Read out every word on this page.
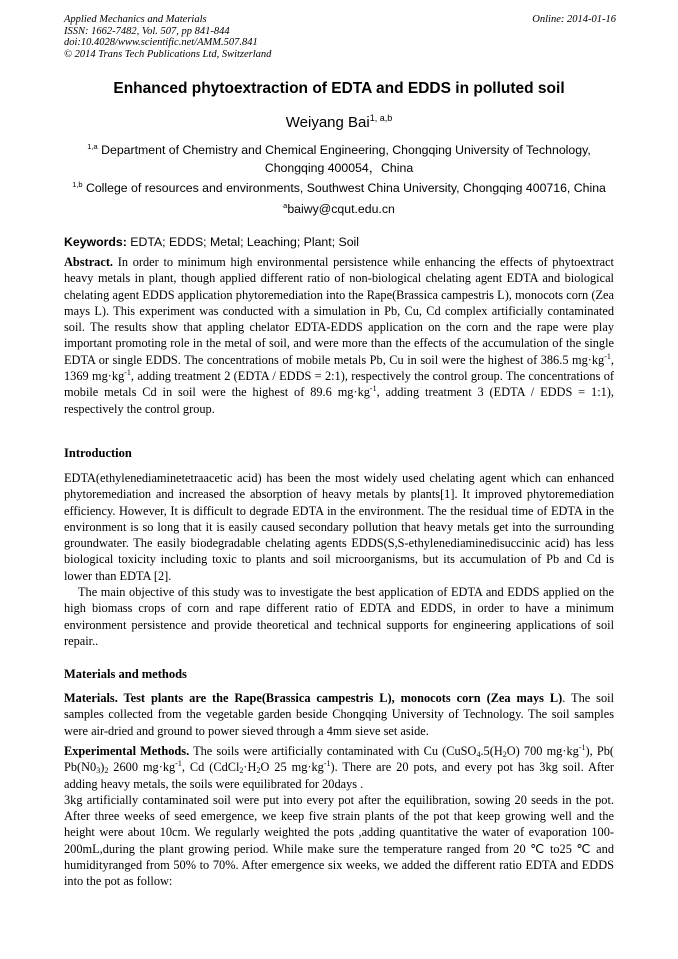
Applied Mechanics and Materials
ISSN: 1662-7482, Vol. 507, pp 841-844
doi:10.4028/www.scientific.net/AMM.507.841
© 2014 Trans Tech Publications Ltd, Switzerland
Online: 2014-01-16
Enhanced phytoextraction of EDTA and EDDS in polluted soil
Weiyang Bai$^{1, a,b}$
$^{1,a}$ Department of Chemistry and Chemical Engineering, Chongqing University of Technology, Chongqing 400054，China
$^{1,b}$ College of resources and environments, Southwest China University, Chongqing 400716, China
$^a$baiwy@cqut.edu.cn
Keywords: EDTA; EDDS; Metal; Leaching; Plant; Soil

Abstract. In order to minimum high environmental persistence while enhancing the effects of phytoextract heavy metals in plant, though applied different ratio of non-biological chelating agent EDTA and biological chelating agent EDDS application phytoremediation into the Rape(Brassica campestris L), monocots corn (Zea mays L). This experiment was conducted with a simulation in Pb, Cu, Cd complex artificially contaminated soil. The results show that appling chelator EDTA-EDDS application on the corn and the rape were play important promoting role in the metal of soil, and were more than the effects of the accumulation of the single EDTA or single EDDS. The concentrations of mobile metals Pb, Cu in soil were the highest of 386.5 $mg\cdot kg^{-1}$, 1369 $mg\cdot kg^{-1}$, adding treatment 2 (EDTA / EDDS = 2:1), respectively the control group. The concentrations of mobile metals Cd in soil were the highest of 89.6 $mg\cdot kg^{-1}$, adding treatment 3 (EDTA / EDDS = 1:1), respectively the control group.

Introduction

EDTA(ethylenediaminetetraacetic acid) has been the most widely used chelating agent which can enhanced phytoremediation and increased the absorption of heavy metals by plants[1]. It improved phytoremediation efficiency. However, It is difficult to degrade EDTA in the environment. The the residual time of EDTA in the environment is so long that it is easily caused secondary pollution that heavy metals get into the surrounding groundwater. The easily biodegradable chelating agents EDDS(S,S-ethylenediaminedisuccinic acid) has less biological toxicity including toxic to plants and soil microorganisms, but its accumulation of Pb and Cd is lower than EDTA [2].

The main objective of this study was to investigate the best application of EDTA and EDDS applied on the high biomass crops of corn and rape different ratio of EDTA and EDDS, in order to have a minimum environment persistence and provide theoretical and technical supports for engineering applications of soil repair..

Materials and methods

Materials. Test plants are the Rape(Brassica campestris L), monocots corn (Zea mays L). The soil samples collected from the vegetable garden beside Chongqing University of Technology. The soil samples were air-dried and ground to power sieved through a 4mm sieve set aside.

Experimental Methods. The soils were artificially contaminated with Cu ($CuSO_4.5(H_2O)$ 700 $mg\cdot kg^{-1}$), Pb( $Pb(N0_3)_2$ 2600 $mg\cdot kg^{-1}$, Cd ($CdCl_2\cdot H_2O$ 25 $mg\cdot kg^{-1}$). There are 20 pots, and every pot has 3kg soil. After adding heavy metals, the soils were equilibrated for 20days .

3kg artificially contaminated soil were put into every pot after the equilibration, sowing 20 seeds in the pot. After three weeks of seed emergence, we keep five strain plants of the pot that keep growing well and the height were about 10cm. We regularly weighted the pots ,adding quantitative the water of evaporation 100-200mL,during the plant growing period. While make sure the temperature ranged from 20 ℃ to25 ℃ and humidityranged from 50% to 70%. After emergence six weeks, we added the different ratio EDTA and EDDS into the pot as follow:
